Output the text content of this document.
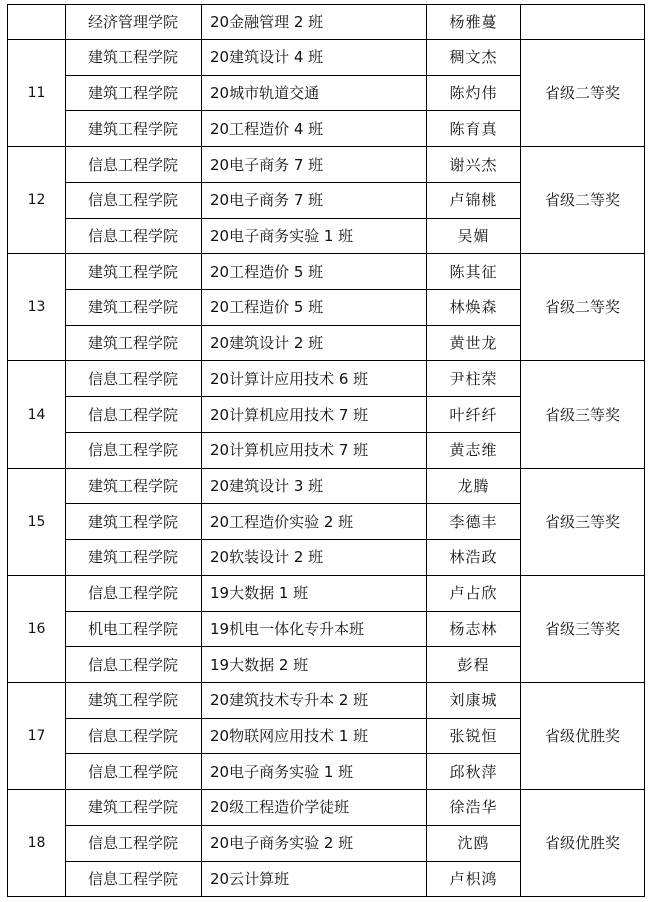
	经济管理学院	20金融管理 2 班	杨雅蔓	
11	建筑工程学院	20建筑设计 4 班	稠文杰	省级二等奖
	建筑工程学院	20城市轨道交通	陈灼伟	
	建筑工程学院	20工程造价 4 班	陈育真	
12	信息工程学院	20电子商务 7 班	谢兴杰	省级二等奖
	信息工程学院	20电子商务 7 班	卢锦桃	
	信息工程学院	20电子商务实验 1 班	吴媚	
13	建筑工程学院	20工程造价 5 班	陈其征	省级二等奖
	建筑工程学院	20工程造价 5 班	林焕森	
	建筑工程学院	20建筑设计 2 班	黄世龙	
14	信息工程学院	20计算计应用技术 6 班	尹柱荣	省级三等奖
	信息工程学院	20计算机应用技术 7 班	叶纤纤	
	信息工程学院	20计算机应用技术 7 班	黄志维	
15	建筑工程学院	20建筑设计 3 班	龙腾	省级三等奖
	建筑工程学院	20工程造价实验 2 班	李德丰	
	建筑工程学院	20软装设计 2 班	林浩政	
16	信息工程学院	19大数据 1 班	卢占欣	省级三等奖
	机电工程学院	19机电一体化专升本班	杨志林	
	信息工程学院	19大数据 2 班	彭程	
17	建筑工程学院	20建筑技术专升本 2 班	刘康城	省级优胜奖
	信息工程学院	20物联网应用技术 1 班	张锐恒	
	信息工程学院	20电子商务实验 1 班	邱秋萍	
18	建筑工程学院	20级工程造价学徒班	徐浩华	省级优胜奖
	信息工程学院	20电子商务实验 2 班	沈鸥	
	信息工程学院	20云计算班	卢枳鸿	
